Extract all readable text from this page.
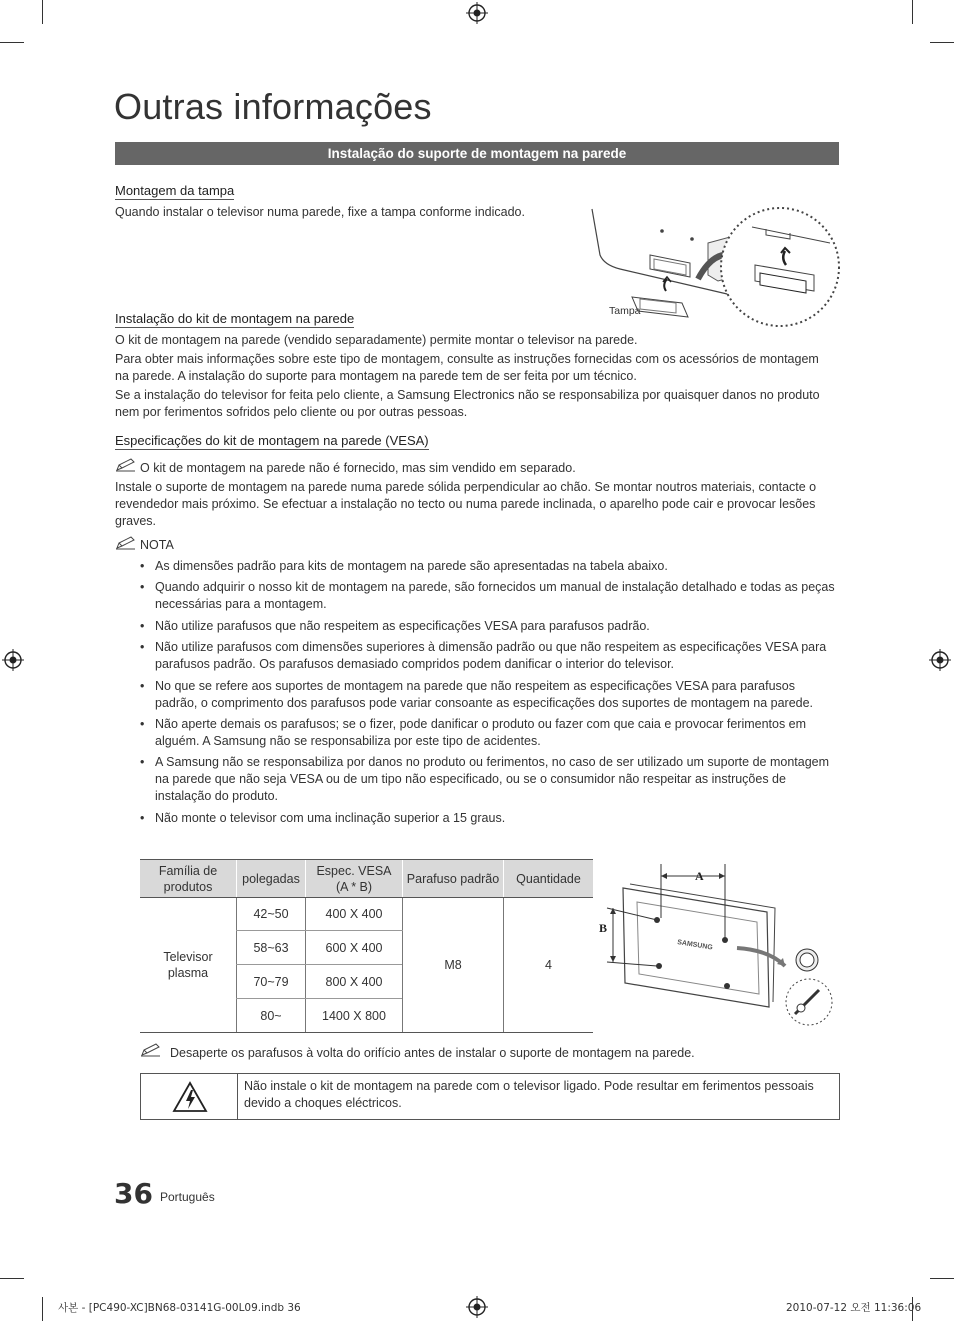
Outras informações
Instalação do suporte de montagem na parede
Montagem da tampa
Quando instalar o televisor numa parede, fixe a tampa conforme indicado.
Tampa
Instalação do kit de montagem na parede
O kit de montagem na parede (vendido separadamente) permite montar o televisor na parede.
Para obter mais informações sobre este tipo de montagem, consulte as instruções fornecidas com os acessórios de montagem na parede. A instalação do suporte para montagem na parede tem de ser feita por um técnico.
Se a instalação do televisor for feita pelo cliente, a Samsung Electronics não se responsabiliza por quaisquer danos no produto nem por ferimentos sofridos pelo cliente ou por outras pessoas.
Especificações do kit de montagem na parede (VESA)
O kit de montagem na parede não é fornecido, mas sim vendido em separado.
Instale o suporte de montagem na parede numa parede sólida perpendicular ao chão. Se montar noutros materiais, contacte o revendedor mais próximo. Se efectuar a instalação no tecto ou numa parede inclinada, o aparelho pode cair e provocar lesões graves.
NOTA
• As dimensões padrão para kits de montagem na parede são apresentadas na tabela abaixo.
• Quando adquirir o nosso kit de montagem na parede, são fornecidos um manual de instalação detalhado e todas as peças necessárias para a montagem.
• Não utilize parafusos que não respeitem as especificações VESA para parafusos padrão.
• Não utilize parafusos com dimensões superiores à dimensão padrão ou que não respeitem as especificações VESA para parafusos padrão. Os parafusos demasiado compridos podem danificar o interior do televisor.
• No que se refere aos suportes de montagem na parede que não respeitem as especificações VESA para parafusos padrão, o comprimento dos parafusos pode variar consoante as especificações dos suportes de montagem na parede.
• Não aperte demais os parafusos; se o fizer, pode danificar o produto ou fazer com que caia e provocar ferimentos em alguém. A Samsung não se responsabiliza por este tipo de acidentes.
• A Samsung não se responsabiliza por danos no produto ou ferimentos, no caso de ser utilizado um suporte de montagem na parede que não seja VESA ou de um tipo não especificado, ou se o consumidor não respeitar as instruções de instalação do produto.
• Não monte o televisor com uma inclinação superior a 15 graus.
Família de produtos	polegadas	Espec. VESA (A * B)	Parafuso padrão	Quantidade
Televisor plasma	42~50	400 X 400	M8	4
	58~63	600 X 400		
	70~79	800 X 400		
	80~	1400 X 800		
SAMSUNG
A
B
Desaperte os parafusos à volta do orifício antes de instalar o suporte de montagem na parede.
Não instale o kit de montagem na parede com o televisor ligado. Pode resultar em ferimentos pessoais devido a choques eléctricos.
36 Português
사본 - [PC490-XC]BN68-03141G-00L09.indb 36	2010-07-12 오전 11:36:06
